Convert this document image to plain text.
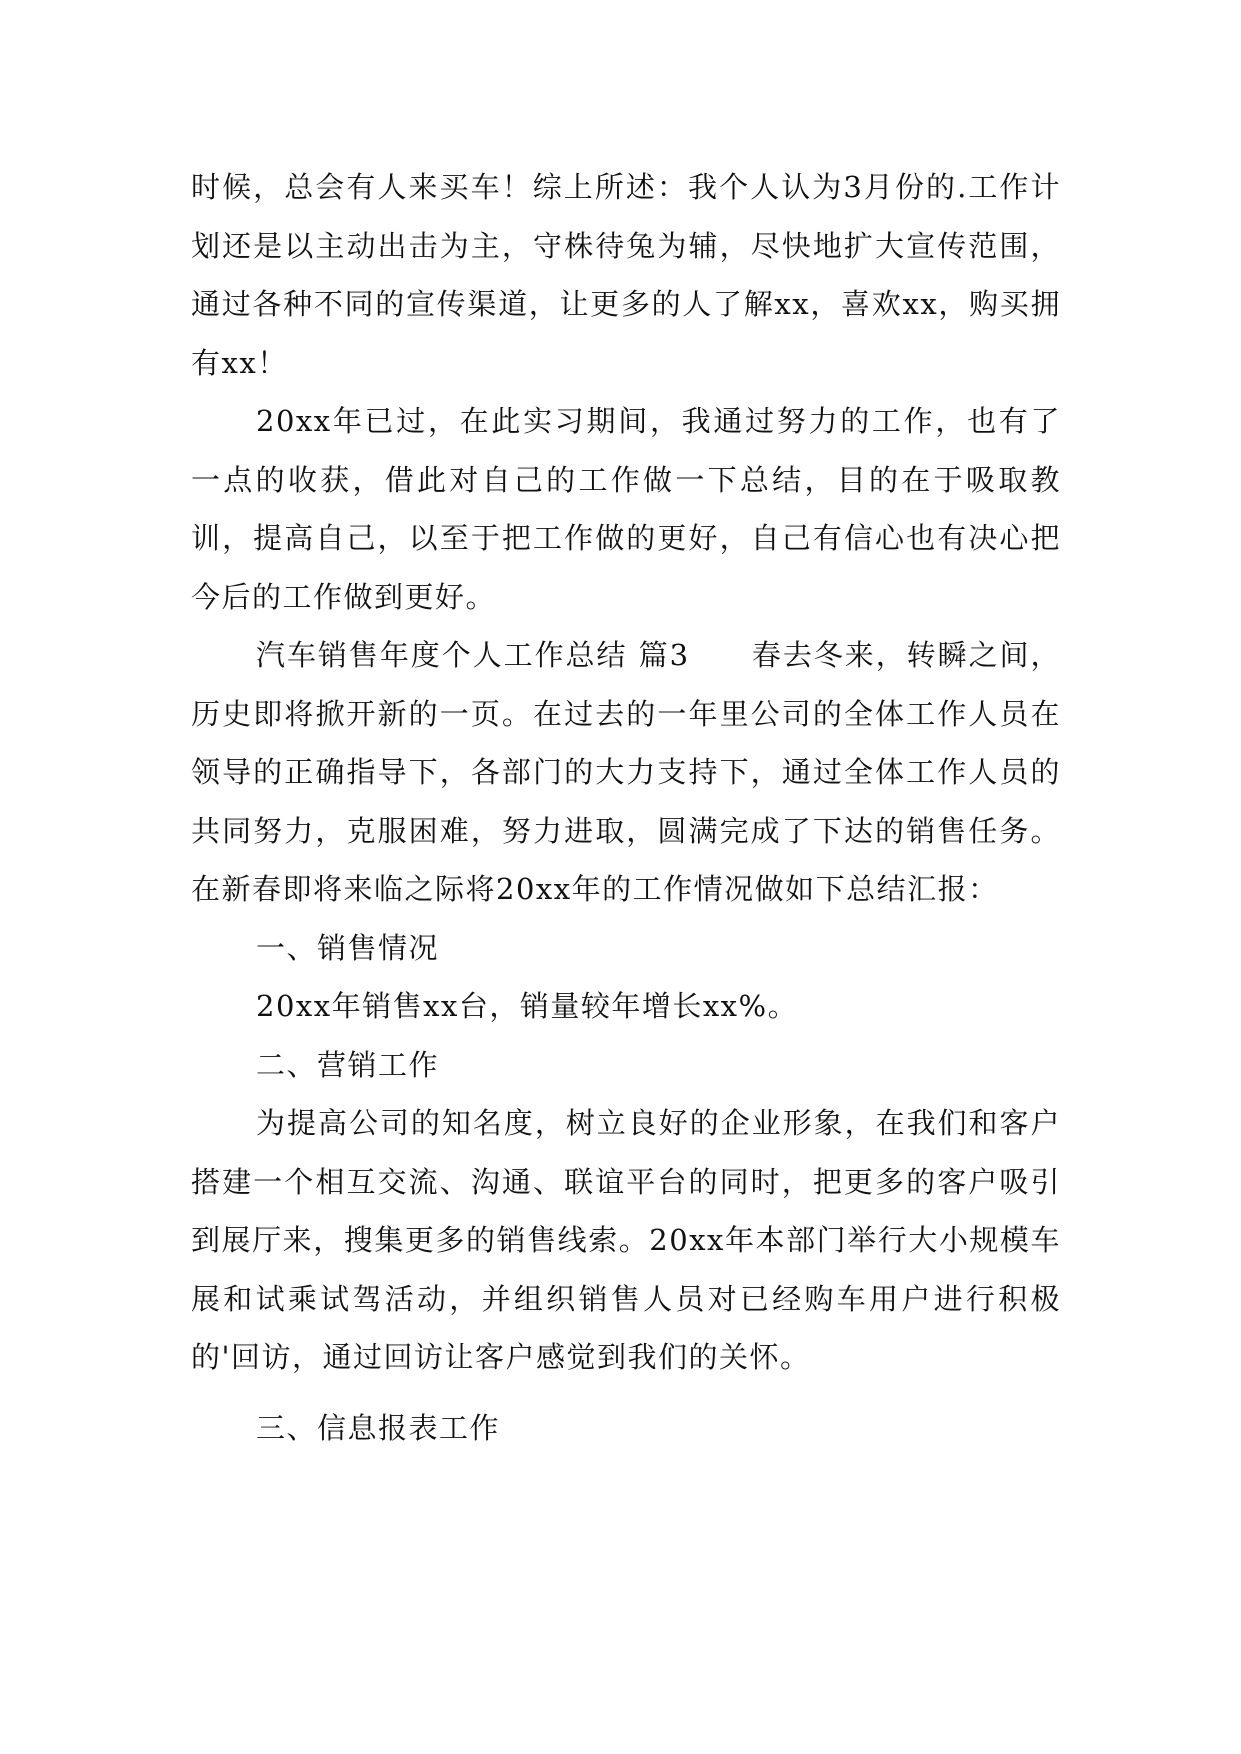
时候，总会有人来买车！综上所述：我个人认为3月份的.工作计划还是以主动出击为主，守株待兔为辅，尽快地扩大宣传范围，通过各种不同的宣传渠道，让更多的人了解xx，喜欢xx，购买拥有xx！

20xx年已过，在此实习期间，我通过努力的工作，也有了一点的收获，借此对自己的工作做一下总结，目的在于吸取教训，提高自己，以至于把工作做的更好，自己有信心也有决心把今后的工作做到更好。

汽车销售年度个人工作总结 篇3　　春去冬来，转瞬之间，历史即将掀开新的一页。在过去的一年里公司的全体工作人员在领导的正确指导下，各部门的大力支持下，通过全体工作人员的共同努力，克服困难，努力进取，圆满完成了下达的销售任务。在新春即将来临之际将20xx年的工作情况做如下总结汇报：

一、销售情况

20xx年销售xx台，销量较年增长xx%。

二、营销工作

为提高公司的知名度，树立良好的企业形象，在我们和客户搭建一个相互交流、沟通、联谊平台的同时，把更多的客户吸引到展厅来，搜集更多的销售线索。20xx年本部门举行大小规模车展和试乘试驾活动，并组织销售人员对已经购车用户进行积极的'回访，通过回访让客户感觉到我们的关怀。

三、信息报表工作
